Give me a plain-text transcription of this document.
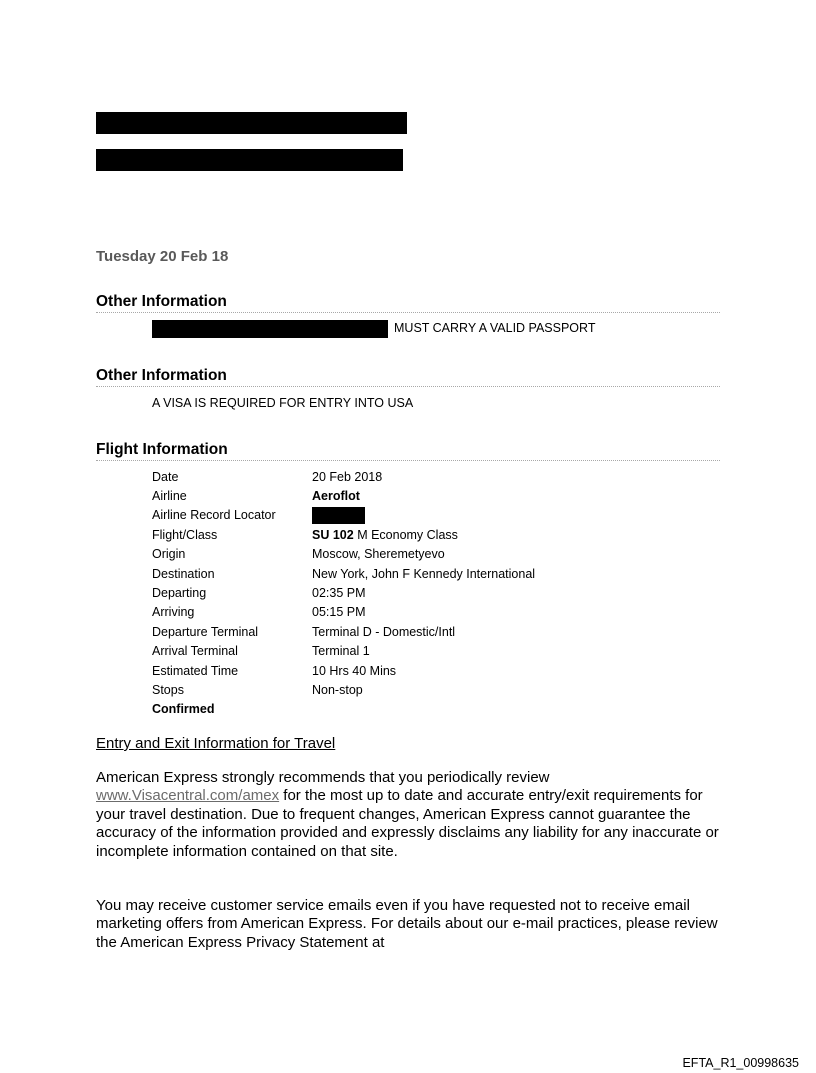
Tuesday 20 Feb 18
Other Information
MUST CARRY A VALID PASSPORT
Other Information
A VISA IS REQUIRED FOR ENTRY INTO USA
Flight Information
Date	20 Feb 2018
Airline	Aeroflot
Airline Record Locator	
Flight/Class	SU 102 M Economy Class
Origin	Moscow, Sheremetyevo
Destination	New York, John F Kennedy International
Departing	02:35 PM
Arriving	05:15 PM
Departure Terminal	Terminal D - Domestic/Intl
Arrival Terminal	Terminal 1
Estimated Time	10 Hrs 40 Mins
Stops	Non-stop
Confirmed	
Entry and Exit Information for Travel
American Express strongly recommends that you periodically review
www.Visacentral.com/amex for the most up to date and accurate entry/exit requirements for your travel destination. Due to frequent changes, American Express cannot guarantee the accuracy of the information provided and expressly disclaims any liability for any inaccurate or incomplete information contained on that site.
You may receive customer service emails even if you have requested not to receive email marketing offers from American Express. For details about our e-mail practices, please review the American Express Privacy Statement at
EFTA_R1_00998635
